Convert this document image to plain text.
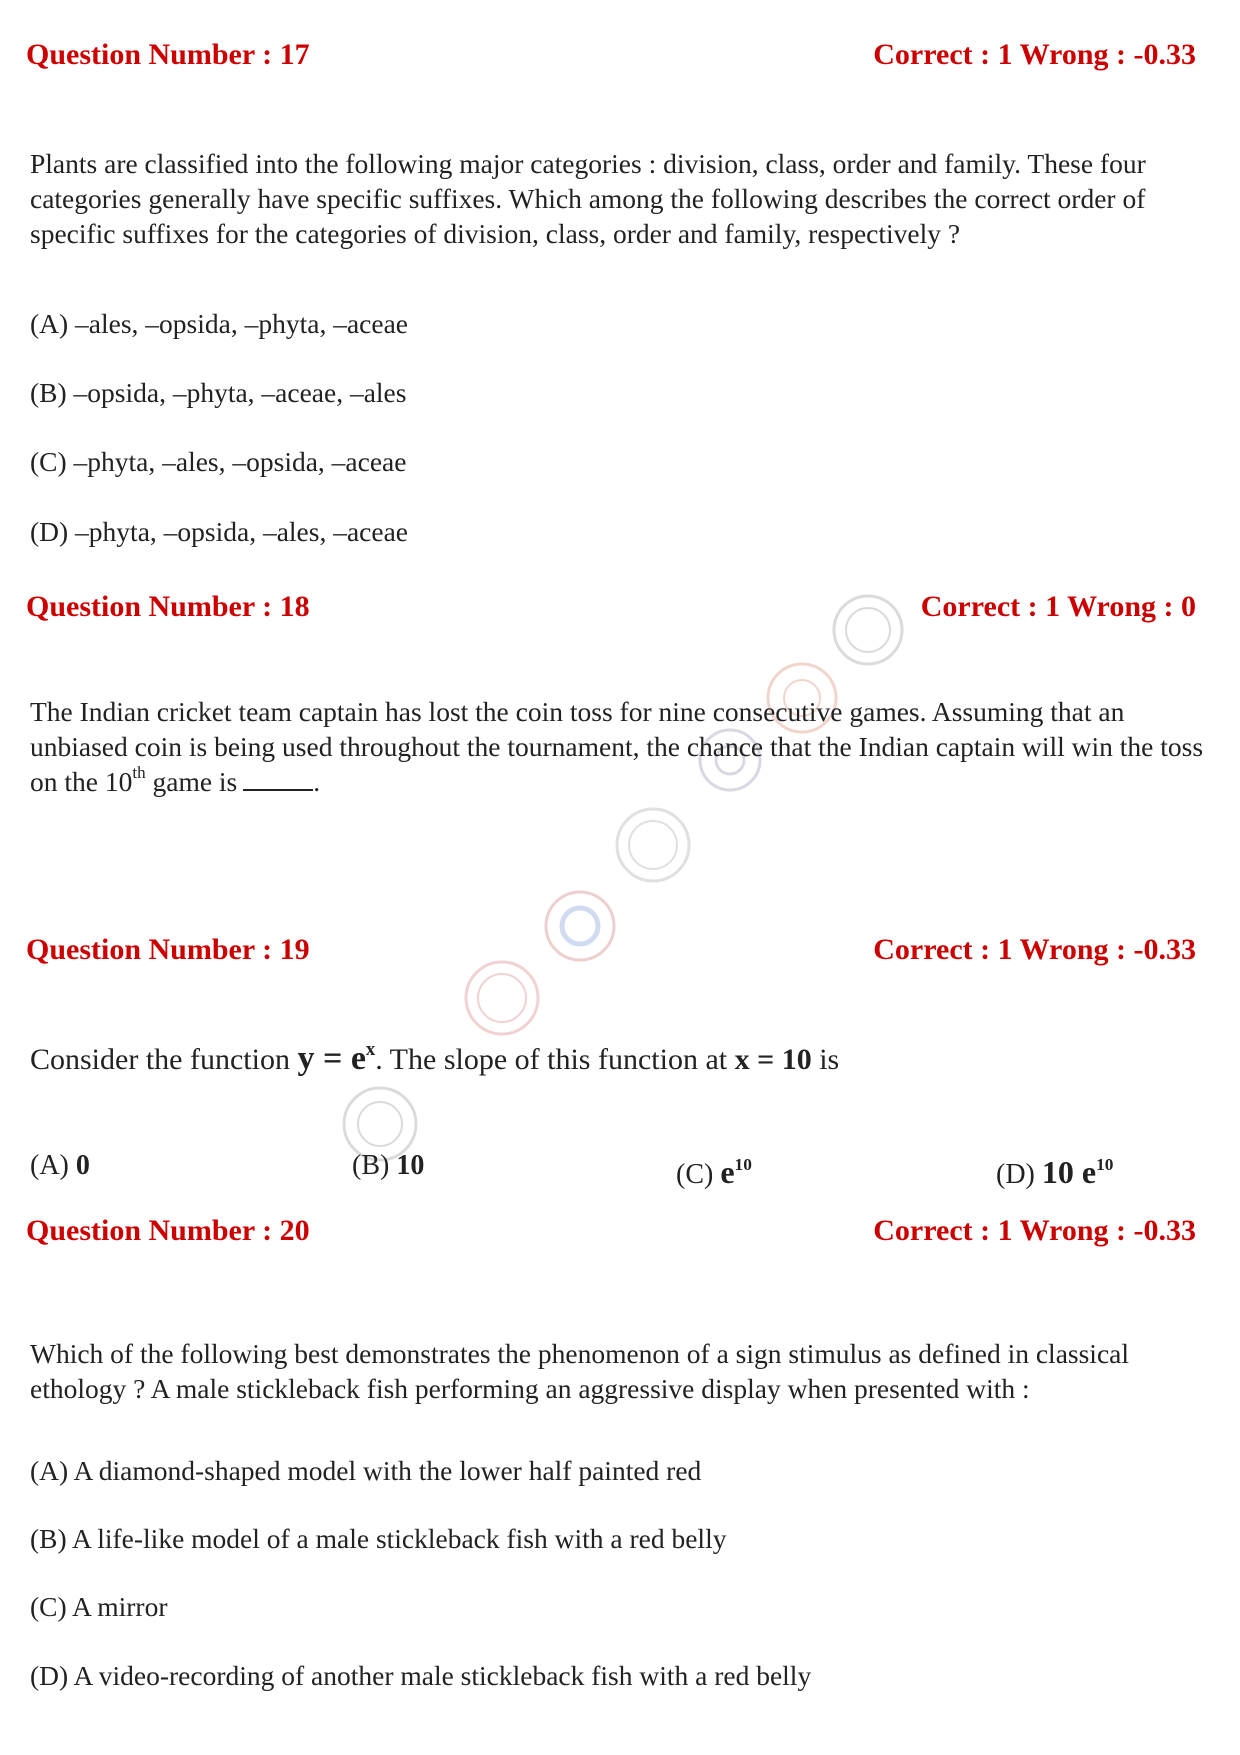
Question Number : 17	Correct : 1 Wrong : -0.33
Plants are classified into the following major categories : division, class, order and family. These four categories generally have specific suffixes. Which among the following describes the correct order of specific suffixes for the categories of division, class, order and family, respectively ?
(A) –ales, –opsida, –phyta, –aceae
(B) –opsida, –phyta, –aceae, –ales
(C) –phyta, –ales, –opsida, –aceae
(D) –phyta, –opsida, –ales, –aceae
Question Number : 18	Correct : 1 Wrong : 0
The Indian cricket team captain has lost the coin toss for nine consecutive games. Assuming that an unbiased coin is being used throughout the tournament, the chance that the Indian captain will win the toss on the 10th game is	.
Question Number : 19	Correct : 1 Wrong : -0.33
Consider the function $y = e^x$. The slope of this function at x = 10 is
(A) 0	(B) 10	(C) $e^{10}$	(D) 10 $e^{10}$
Question Number : 20	Correct : 1 Wrong : -0.33
Which of the following best demonstrates the phenomenon of a sign stimulus as defined in classical ethology ? A male stickleback fish performing an aggressive display when presented with :
(A) A diamond-shaped model with the lower half painted red
(B) A life-like model of a male stickleback fish with a red belly
(C) A mirror
(D) A video-recording of another male stickleback fish with a red belly
